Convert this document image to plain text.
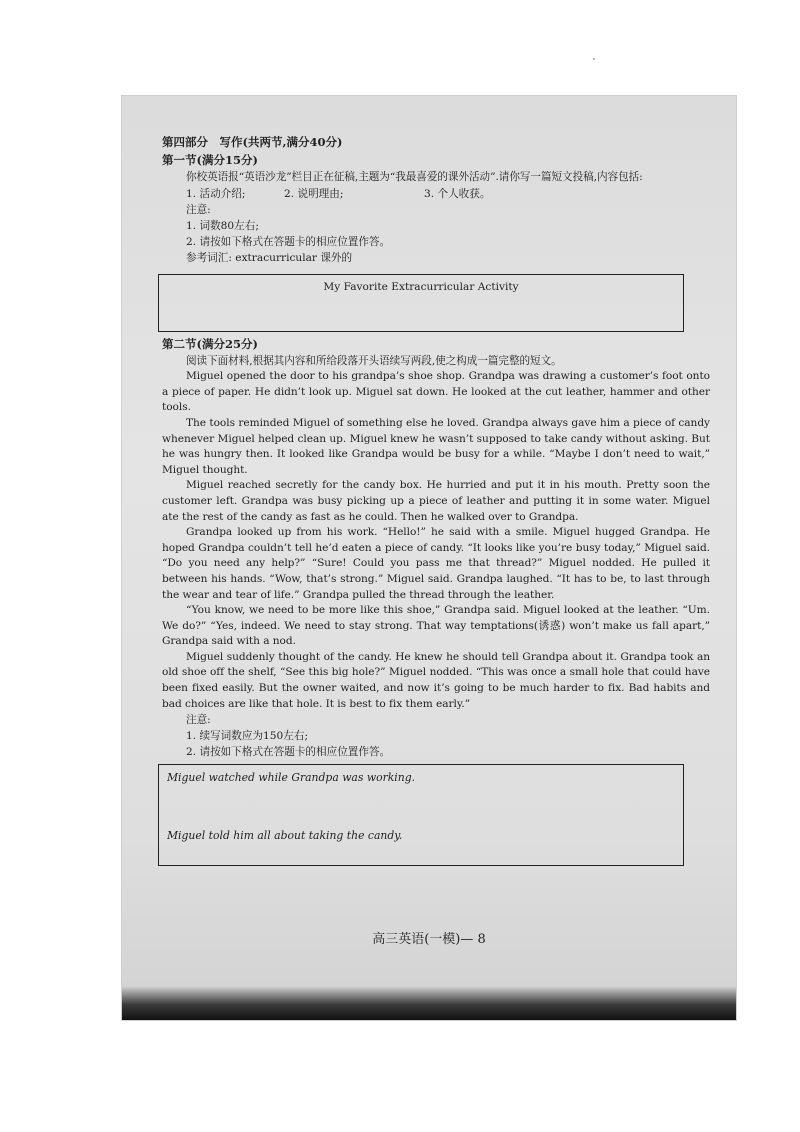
第四部分　写作(共两节,满分40分)
第一节(满分15分)

你校英语报“英语沙龙”栏目正在征稿,主题为“我最喜爱的课外活动”.请你写一篇短文投稿,内容包括:

1. 活动介绍;	2. 说明理由;	3. 个人收获。
注意:
1. 词数80左右;
2. 请按如下格式在答题卡的相应位置作答。
参考词汇: extracurricular 课外的
My Favorite Extracurricular Activity
第二节(满分25分)

阅读下面材料,根据其内容和所给段落开头语续写两段,使之构成一篇完整的短文。

Miguel opened the door to his grandpa’s shoe shop. Grandpa was drawing a customer’s foot onto a piece of paper. He didn’t look up. Miguel sat down. He looked at the cut leather, hammer and other tools.

The tools reminded Miguel of something else he loved. Grandpa always gave him a piece of candy whenever Miguel helped clean up. Miguel knew he wasn’t supposed to take candy without asking. But he was hungry then. It looked like Grandpa would be busy for a while. “Maybe I don’t need to wait,” Miguel thought.

Miguel reached secretly for the candy box. He hurried and put it in his mouth. Pretty soon the customer left. Grandpa was busy picking up a piece of leather and putting it in some water. Miguel ate the rest of the candy as fast as he could. Then he walked over to Grandpa.

Grandpa looked up from his work. “Hello!” he said with a smile. Miguel hugged Grandpa. He hoped Grandpa couldn’t tell he’d eaten a piece of candy. “It looks like you’re busy today,” Miguel said. “Do you need any help?” “Sure! Could you pass me that thread?” Miguel nodded. He pulled it between his hands. “Wow, that’s strong.” Miguel said. Grandpa laughed. “It has to be, to last through the wear and tear of life.” Grandpa pulled the thread through the leather.

“You know, we need to be more like this shoe,” Grandpa said. Miguel looked at the leather. “Um. We do?” “Yes, indeed. We need to stay strong. That way temptations(诱惑) won’t make us fall apart,” Grandpa said with a nod.

Miguel suddenly thought of the candy. He knew he should tell Grandpa about it. Grandpa took an old shoe off the shelf, “See this big hole?” Miguel nodded. “This was once a small hole that could have been fixed easily. But the owner waited, and now it’s going to be much harder to fix. Bad habits and bad choices are like that hole. It is best to fix them early.”

注意:
1. 续写词数应为150左右;
2. 请按如下格式在答题卡的相应位置作答。
Miguel watched while Grandpa was working.
Miguel told him all about taking the candy.
高三英语(一模)— 8
